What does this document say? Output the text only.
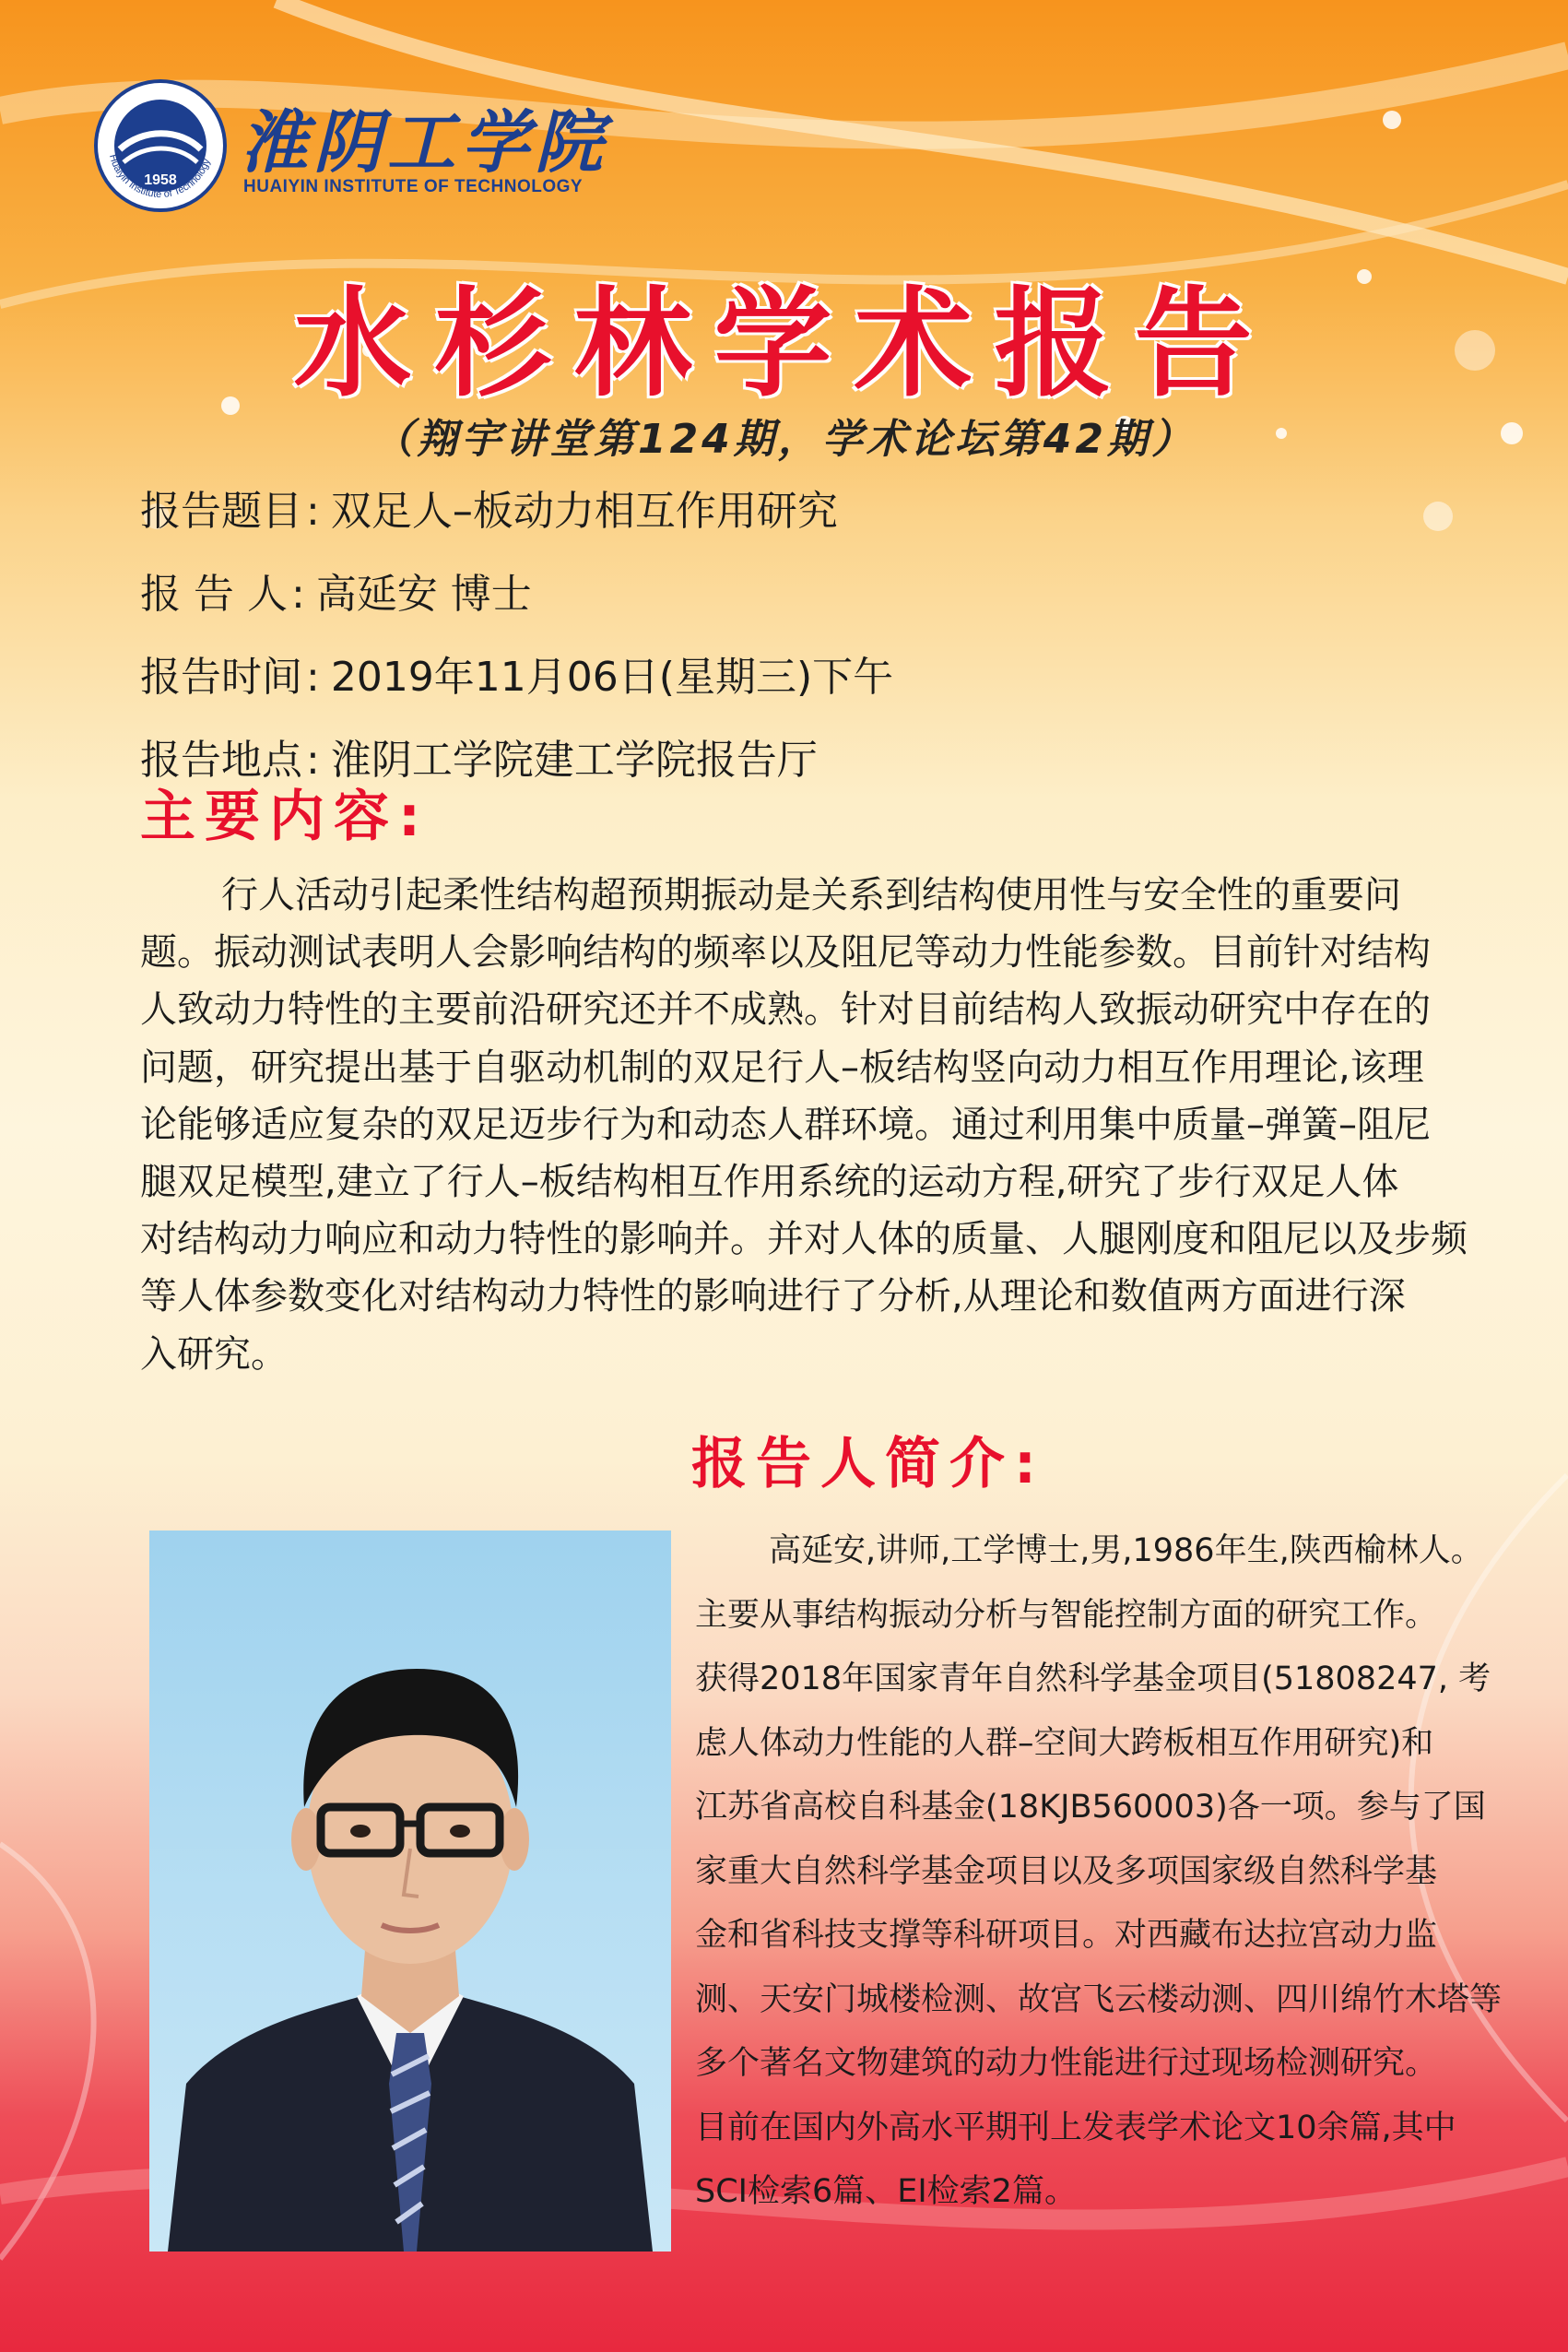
1958
Huaiyin Institute of Technology 淮阴工学院
HUAIYIN INSTITUTE OF TECHNOLOGY
水杉林学术报告
（翔宇讲堂第124期，学术论坛第42期）
报告题目: 双足人–板动力相互作用研究
报 告 人: 高延安 博士
报告时间: 2019年11月06日(星期三)下午
报告地点: 淮阴工学院建工学院报告厅
主要内容:
行人活动引起柔性结构超预期振动是关系到结构使用性与安全性的重要问
题。振动测试表明人会影响结构的频率以及阻尼等动力性能参数。目前针对结构
人致动力特性的主要前沿研究还并不成熟。针对目前结构人致振动研究中存在的
问题，研究提出基于自驱动机制的双足行人–板结构竖向动力相互作用理论,该理
论能够适应复杂的双足迈步行为和动态人群环境。通过利用集中质量–弹簧–阻尼
腿双足模型,建立了行人–板结构相互作用系统的运动方程,研究了步行双足人体
对结构动力响应和动力特性的影响并。并对人体的质量、人腿刚度和阻尼以及步频
等人体参数变化对结构动力特性的影响进行了分析,从理论和数值两方面进行深
入研究。
报告人简介:
高延安,讲师,工学博士,男,1986年生,陕西榆林人。
主要从事结构振动分析与智能控制方面的研究工作。
获得2018年国家青年自然科学基金项目(51808247, 考
虑人体动力性能的人群–空间大跨板相互作用研究)和
江苏省高校自科基金(18KJB560003)各一项。参与了国
家重大自然科学基金项目以及多项国家级自然科学基
金和省科技支撑等科研项目。对西藏布达拉宫动力监
测、天安门城楼检测、故宫飞云楼动测、四川绵竹木塔等
多个著名文物建筑的动力性能进行过现场检测研究。
目前在国内外高水平期刊上发表学术论文10余篇,其中
SCI检索6篇、EI检索2篇。
